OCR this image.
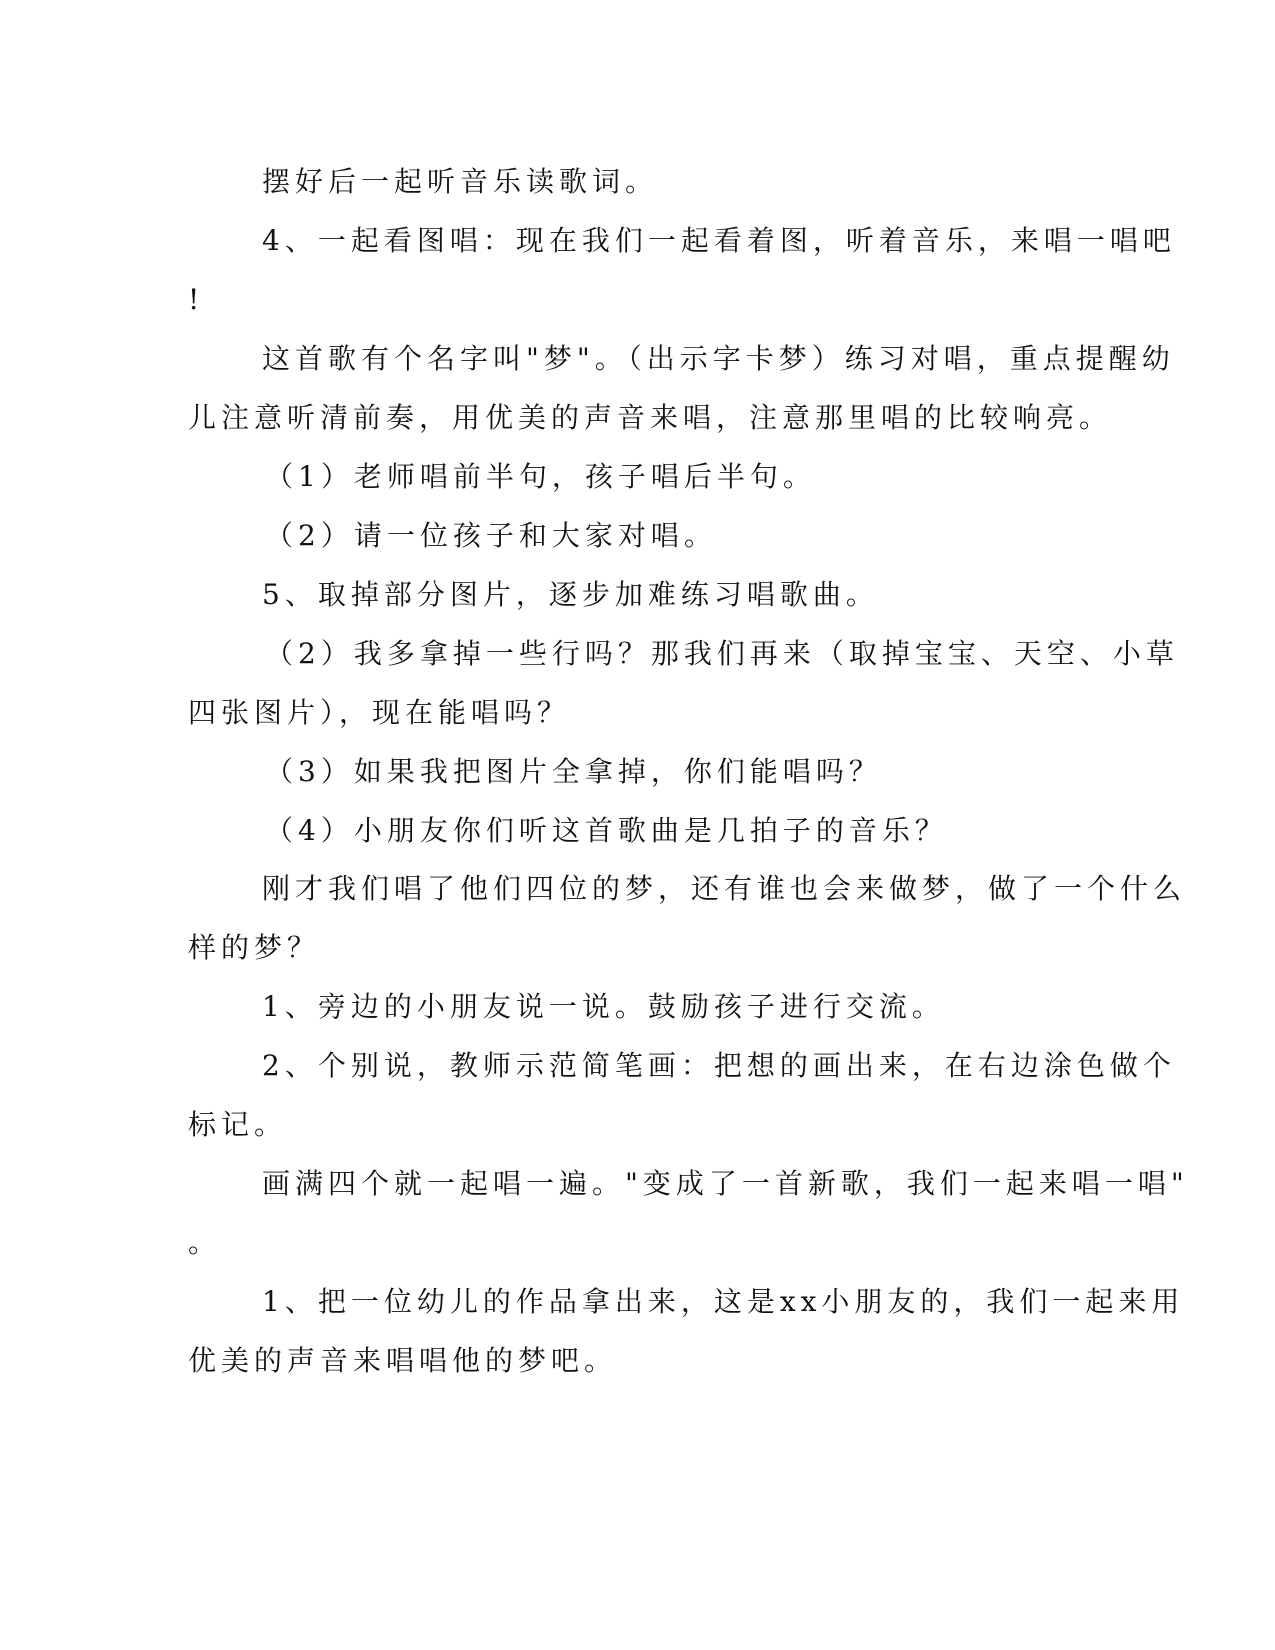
摆好后一起听音乐读歌词。

4、一起看图唱：现在我们一起看着图，听着音乐，来唱一唱吧

!

这首歌有个名字叫"梦"。（出示字卡梦）练习对唱，重点提醒幼

儿注意听清前奏，用优美的声音来唱，注意那里唱的比较响亮。

（1）老师唱前半句，孩子唱后半句。

（2）请一位孩子和大家对唱。

5、取掉部分图片，逐步加难练习唱歌曲。

（2）我多拿掉一些行吗？那我们再来（取掉宝宝、天空、小草

四张图片），现在能唱吗？

（3）如果我把图片全拿掉，你们能唱吗？

（4）小朋友你们听这首歌曲是几拍子的音乐？

刚才我们唱了他们四位的梦，还有谁也会来做梦，做了一个什么

样的梦？

1、旁边的小朋友说一说。鼓励孩子进行交流。

2、个别说，教师示范简笔画：把想的画出来，在右边涂色做个

标记。

画满四个就一起唱一遍。"变成了一首新歌，我们一起来唱一唱"

。

1、把一位幼儿的作品拿出来，这是xx小朋友的，我们一起来用

优美的声音来唱唱他的梦吧。
